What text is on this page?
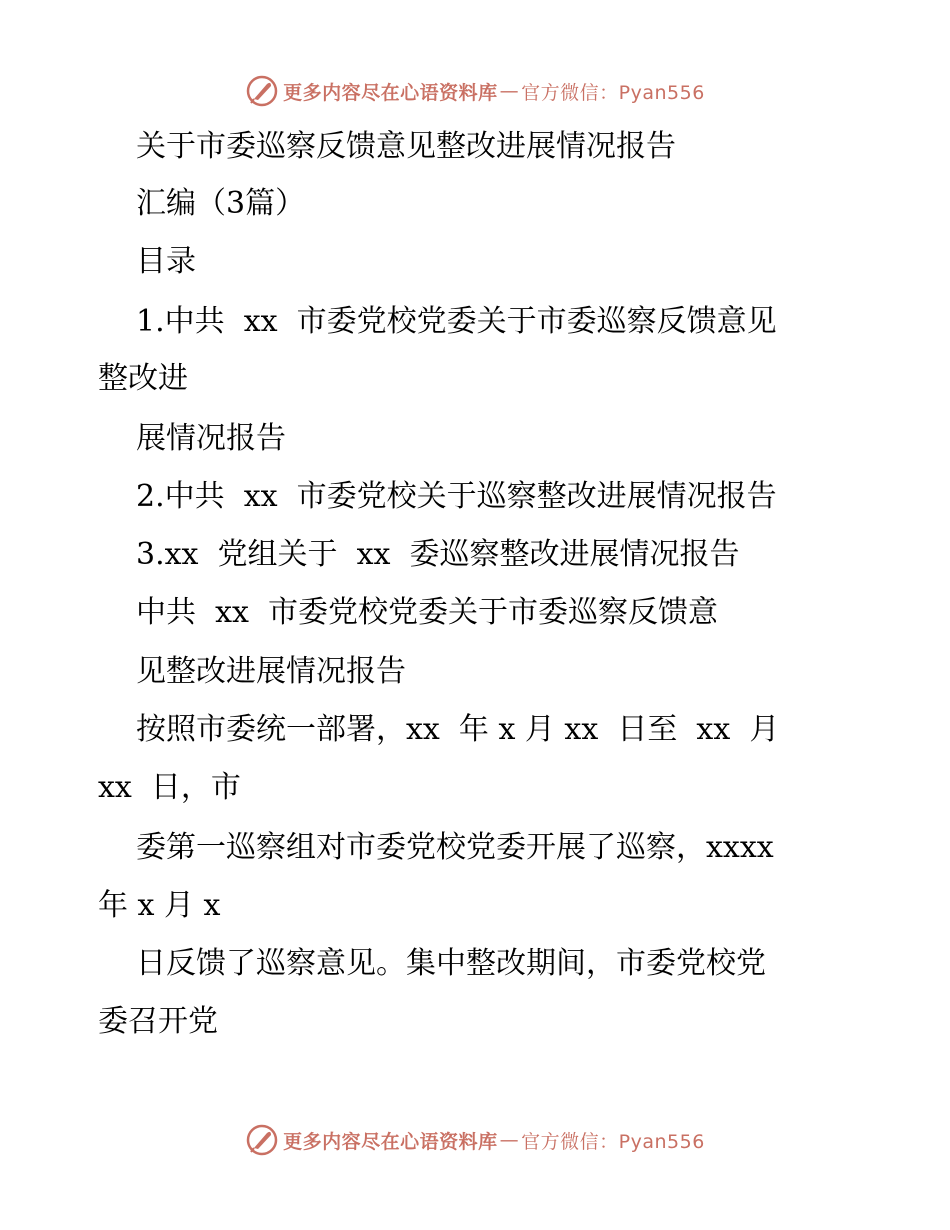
更多内容尽在心语资料库 — 官方微信：Pyan556
关于市委巡察反馈意见整改进展情况报告
汇编（3篇）
目录
1.中共  xx  市委党校党委关于市委巡察反馈意见
整改进
展情况报告
2.中共  xx  市委党校关于巡察整改进展情况报告
3.xx  党组关于  xx  委巡察整改进展情况报告
中共  xx  市委党校党委关于市委巡察反馈意
见整改进展情况报告
按照市委统一部署，xx  年 x 月 xx  日至  xx  月
xx  日，市
委第一巡察组对市委党校党委开展了巡察，xxxx
年 x 月 x
日反馈了巡察意见。集中整改期间，市委党校党
委召开党
更多内容尽在心语资料库 — 官方微信：Pyan556
